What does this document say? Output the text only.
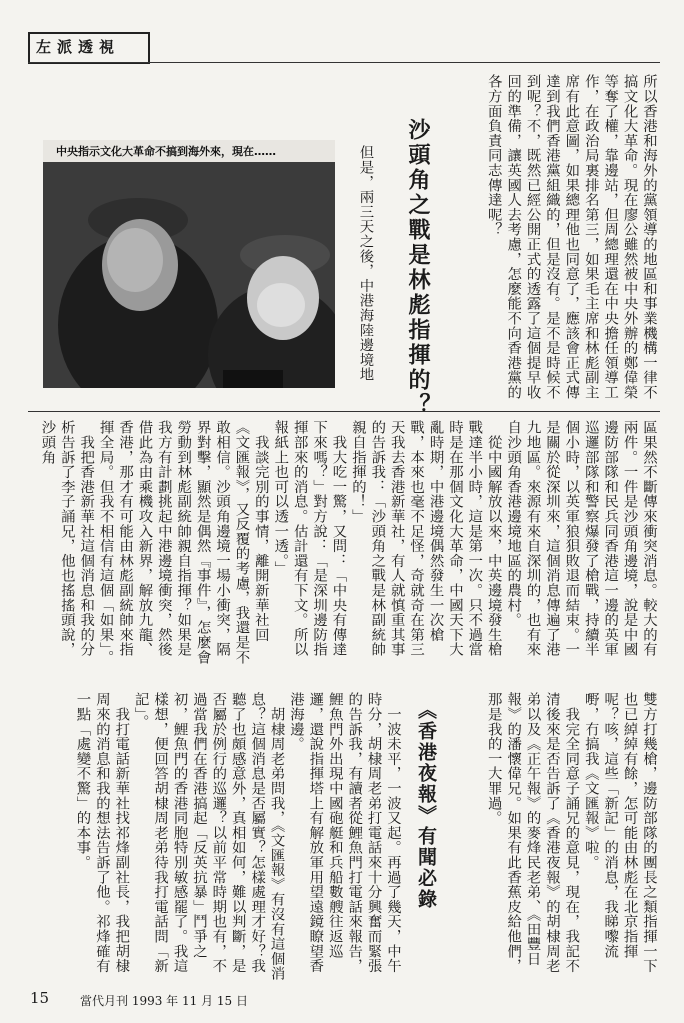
左派透視
所以香港和海外的黨領導的地區和事業機構一律不搞文化大革命。現在廖公雖然被中央外辦的鄭偉榮等奪了權，靠邊站，但周總理還在中央擔任領導工作，在政治局裏排名第三，如果毛主席和林彪副主席有此意圖，如果總理他也同意了，應該會正式傳達到我們香港黨組織的，但是沒有。是不是時候不到呢？不，既然已經公開正式的透露了這個提早收回的準備，讓英國人去考慮，怎麼能不向香港黨的各方面負責同志傳達呢？
沙頭角之戰是林彪指揮的？
中央指示文化大革命不搞到海外來，現在……	但是，兩三天之後，中港海陸邊境地
區果然不斷傳來衝突消息。較大的有兩件。一件是沙頭角邊境，說是中國邊防部隊和民兵同香港這一邊的英軍巡邏部隊和警察爆發了槍戰，持續半個小時，以英軍狼狽敗退而結束。一是關於從深圳來，這個消息傳遍了港九地區。來源有來自深圳的，也有來自沙頭角香港邊境地區的農村。
　從中國解放以來，中英邊境發生槍戰達半小時，這是第一次。只不過當時是在那個文化大革命，中國天下大亂時期，中港邊境偶然發生一次槍戰，本來也毫不足怪，奇就奇在第三天我去香港新華社，有人就慎重其事的告訴我：「沙頭角之戰是林副統帥親自指揮的！」
　我大吃一驚，又問：「中央有傳達下來嗎？」對方說：「是深圳邊防指揮部來的消息。估計還有下文。所以報紙上也可以透一透。」
　我談完別的事情，離開新華社回《文匯報》，又反覆的考慮，我還是不敢相信。沙頭角邊境一場小衝突，隔界對擊，顯然是偶然『事件』，怎麼會勞動到林彪副統帥親自指揮？如果是我方有計劃挑起中港邊境衝突，然後借此為由乘機攻入新界，解放九龍、香港，那才有可能由林彪副統帥來指揮全局。但我不相信有這個「如果」。
　我把香港新華社這個消息和我的分析告訴了李子誦兄，他也搖搖頭說，沙頭角
雙方打幾槍，邊防部隊的團長之類指揮一下也已綽綽有餘，怎可能由林彪在北京指揮呢？咳，這些「新記」的消息，我睇嚟流嘢，冇搞我《文匯報》啦。
　我完全同意子誦兄的意見，現在，我記不清後來是否告訴了《香港夜報》的胡棣周老弟以及《正午報》的麥烽民老弟、《田豐日報》的潘懷偉兄。如果有此香蕉皮給他們，那是我的一大罪過。
《香港夜報》有聞必錄
　一波未平，一波又起。再過了幾天，中午時分，胡棣周老弟打電話來十分興奮而緊張的告訴我，有讀者從鯉魚門打電話來報告，鯉魚門外出現中國砲艇和兵船數艘往返巡邏，還說指揮塔上有解放軍用望遠鏡瞭望香港海邊。
　胡棣周老弟問我，《文匯報》有沒有這個消息？這個消息是否屬實？怎樣處理才好？我聽了也頗感意外，真相如何，難以判斷，是否屬於例行的巡邏？以前平常時期也有，不過當我們在香港搞起「反英抗暴」鬥爭之初，鯉魚門的香港同胞特別敏感罷了。我這樣想，便回答胡棣周老弟待我打電話問「新記」。
　我打電話新華社找祁烽副社長，我把胡棣周來的消息和我的想法告訴了他。祁烽確有一點「處變不驚」的本事。
15	當代月刊 1993 年 11 月 15 日
